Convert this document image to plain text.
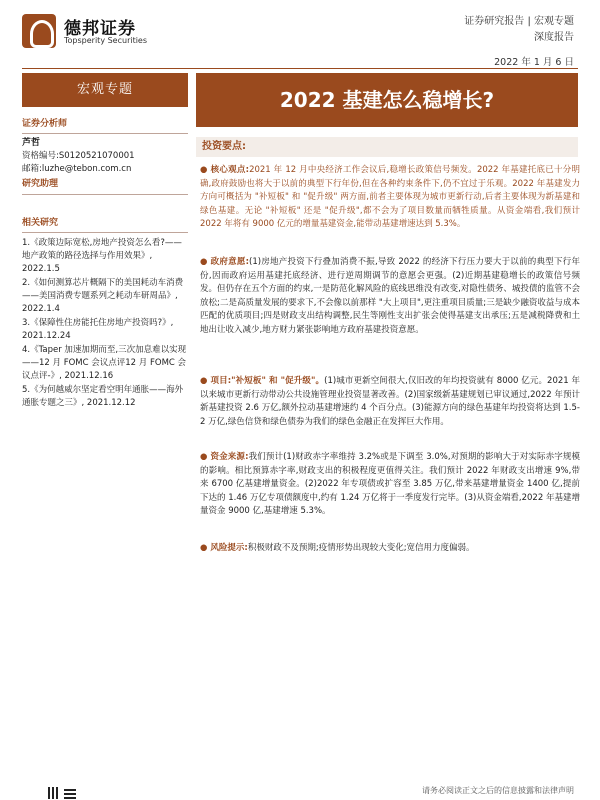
德邦证券
Topsperity Securities
证券研究报告 | 宏观专题
深度报告
2022 年 1 月 6 日
宏观专题	2022 基建怎么稳增长?
证券分析师
芦哲
资格编号:S0120521070001
邮箱:luzhe@tebon.com.cn
研究助理
相关研究
1.《政策边际宽松,房地产投资怎么看?——地产政策的路径选择与作用效果》, 2022.1.5
2.《如何测算芯片概隔下的美国耗动车消费——美国消费专题系列之耗动车研周品》, 2022.1.4
3.《保障性住房能托住房地产投资吗?》, 2021.12.24
4.《Taper 加速加期而至,三次加息难以实现——12 月 FOMC 会议点评12 月 FOMC 会议点评-》, 2021.12.16
5.《为何越威尔坚定看空明年通胀——海外通胀专题之三》, 2021.12.12
投资要点:
● 核心观点:2021 年 12 月中央经济工作会议后,稳增长政策信号频发。2022 年基建托底已十分明确,政府鼓励也将大于以前的典型下行年份,但在各种约束条件下,仍不宜过于乐观。2022 年基建发力方向可概括为 "补短板" 和 "促升级" 两方面,前者主要体现为城市更新行动,后者主要体现为新基建和绿色基建。无论 "补短板" 还是 "促升级",都不会为了项目数量而牺牲质量。从资金端看,我们预计 2022 年将有 9000 亿元的增量基建资金,能带动基建增速达到 5.3%。
● 政府意愿:(1)房地产投资下行叠加消费不振,导致 2022 的经济下行压力要大于以前的典型下行年份,因而政府运用基建托底经济、进行逆周期调节的意愿会更强。(2)近期基建稳增长的政策信号频发。但仍存在五个方面的约束,一是防范化解风险的底线思维没有改变,对隐性债务、城投债的监管不会放松;二是高质量发展的要求下,不会像以前那样 "大上项目",更注重项目质量;三是缺少融资收益与成本匹配的优质项目;四是财政支出结构调整,民生等刚性支出扩张会使得基建支出承压;五是减税降费和土地出让收入减少,地方财力紧张影响地方政府基建投资意愿。
● 项目:"补短板" 和 "促升级"。(1)城市更新空间很大,仅旧改的年均投资就有 8000 亿元。2021 年以来城市更新行动带动公共设施管理业投资显著改善。(2)国家级新基建规划已审议通过,2022 年预计新基建投资 2.6 万亿,额外拉动基建增速约 4 个百分点。(3)能源方向的绿色基建年均投资将达到 1.5-2 万亿,绿色信贷和绿色债券为我们的绿色金融正在发挥巨大作用。
● 资金来源:我们预计(1)财政赤字率维持 3.2%或是下调至 3.0%,对预期的影响大于对实际赤字规模的影响。相比预算赤字率,财政支出的积极程度更值得关注。我们预计 2022 年财政支出增速 9%,带来 6700 亿基建增量资金。(2)2022 年专项债或扩容至 3.85 万亿,带来基建增量资金 1400 亿,提前下达的 1.46 万亿专项债额度中,约有 1.24 万亿将于一季度发行完毕。(3)从资金端看,2022 年基建增量资金 9000 亿,基建增速 5.3%。
● 风险提示:积极财政不及预期;疫情形势出现较大变化;宽信用力度偏弱。
请务必阅读正文之后的信息披露和法律声明
